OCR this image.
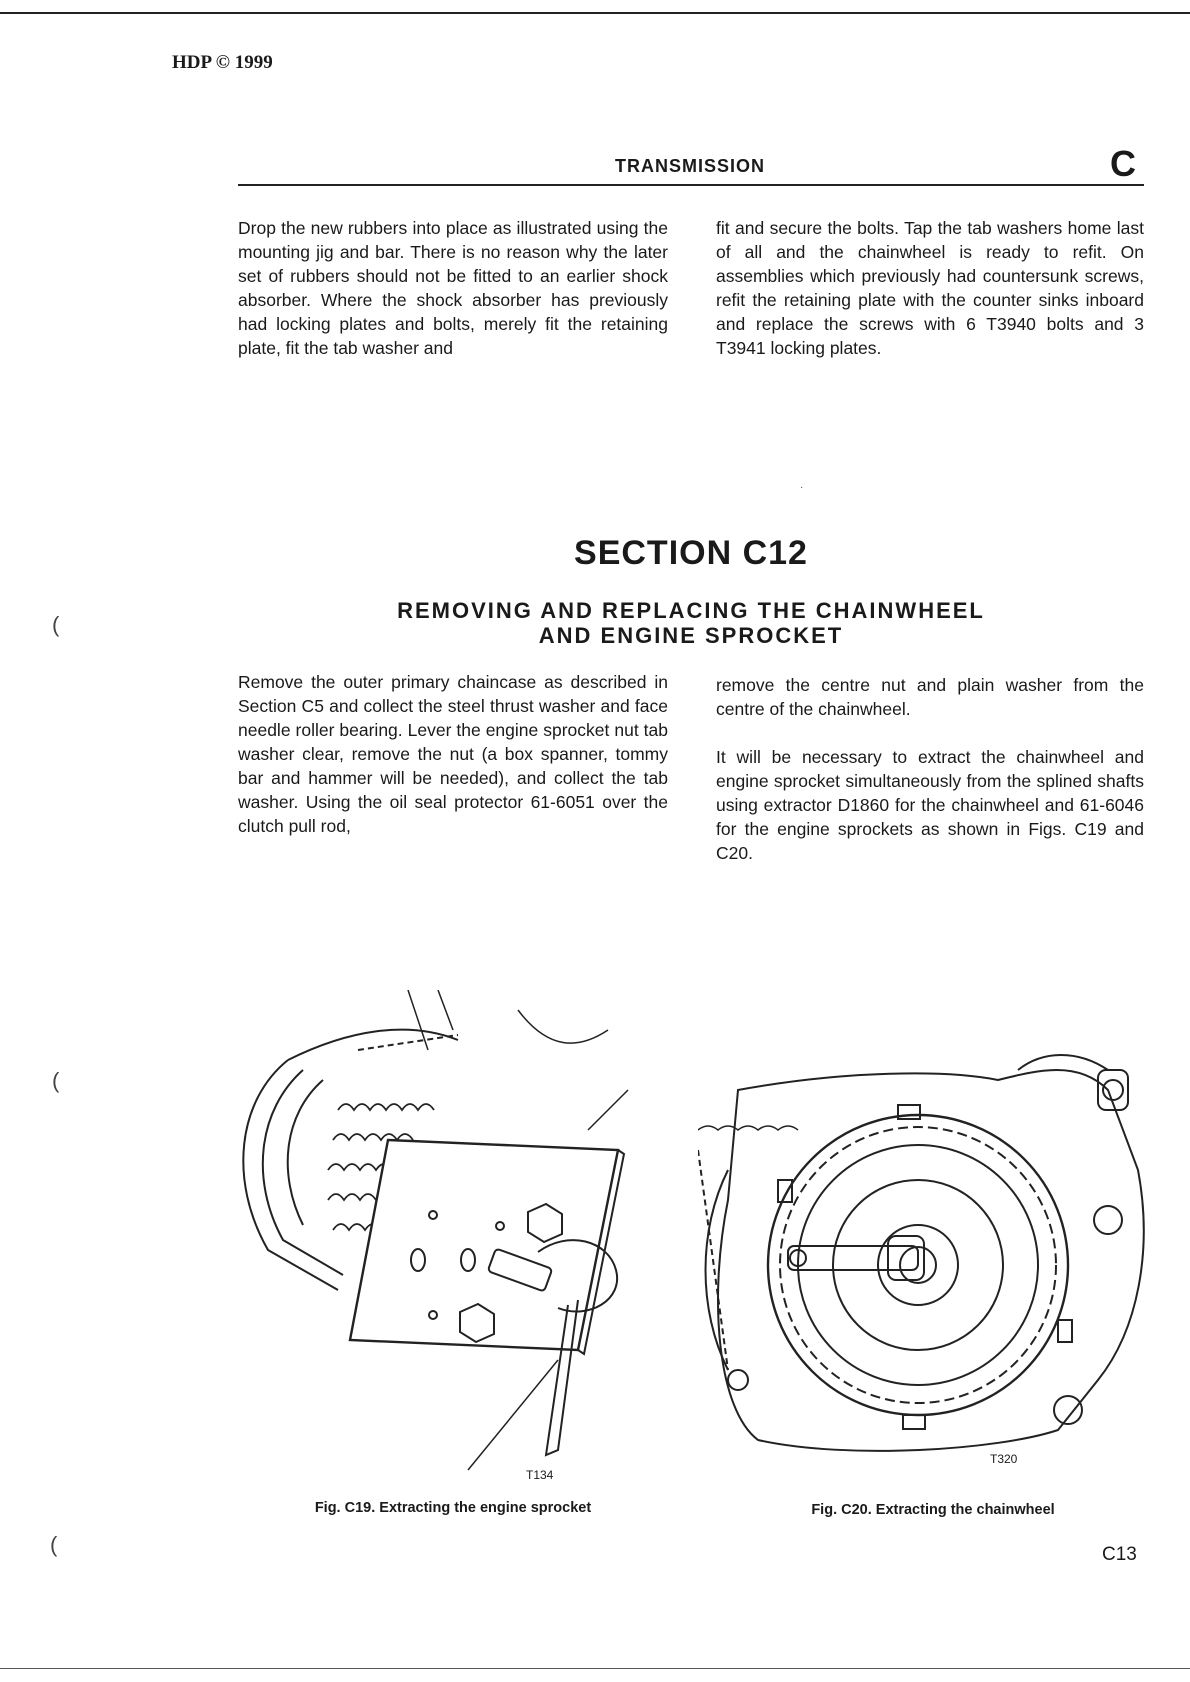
HDP © 1999
TRANSMISSION	C

Drop the new rubbers into place as illustrated using the mounting jig and bar. There is no reason why the later set of rubbers should not be fitted to an earlier shock absorber. Where the shock absorber has previously had locking plates and bolts, merely fit the retaining plate, fit the tab washer and

fit and secure the bolts. Tap the tab washers home last of all and the chainwheel is ready to refit. On assemblies which previously had countersunk screws, refit the retaining plate with the counter sinks inboard and replace the screws with 6 T3940 bolts and 3 T3941 locking plates.

·
SECTION C12
REMOVING AND REPLACING THE CHAINWHEEL
AND ENGINE SPROCKET

Remove the outer primary chaincase as described in Section C5 and collect the steel thrust washer and face needle roller bearing. Lever the engine sprocket nut tab washer clear, remove the nut (a box spanner, tommy bar and hammer will be needed), and collect the tab washer. Using the oil seal protector 61-6051 over the clutch pull rod,

remove the centre nut and plain washer from the centre of the chainwheel.

It will be necessary to extract the chainwheel and engine sprocket simultaneously from the splined shafts using extractor D1860 for the chainwheel and 61-6046 for the engine sprockets as shown in Figs. C19 and C20.

T134
Fig. C19. Extracting the engine sprocket
T320
Fig. C20. Extracting the chainwheel
C13
(
(
(
